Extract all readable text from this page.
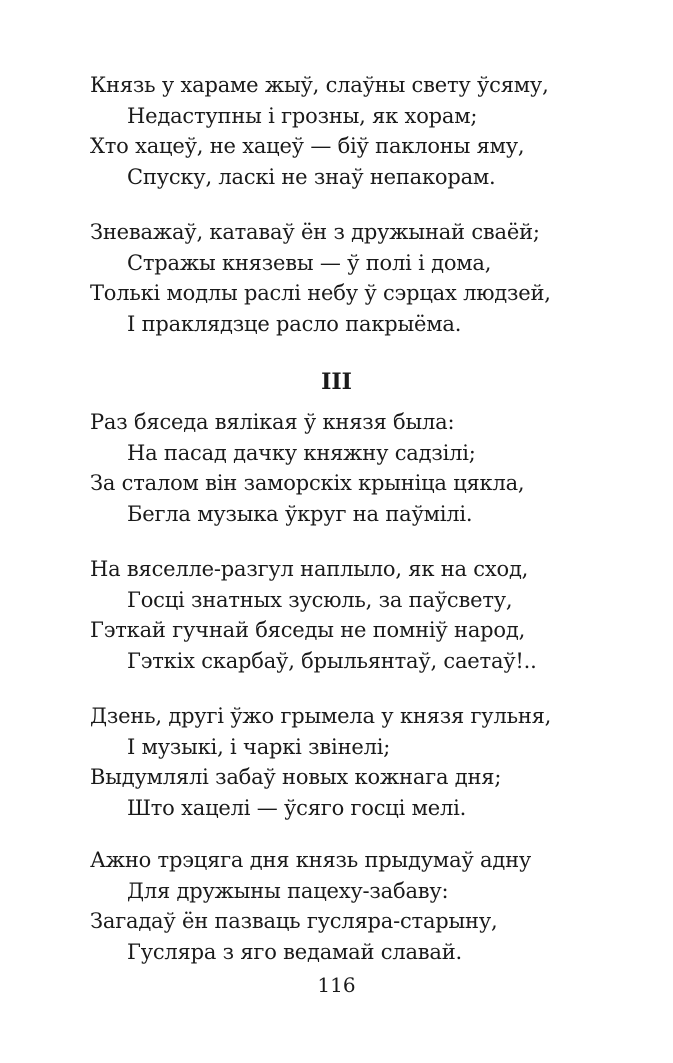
Князь у хараме жыў, слаўны свету ўсяму,
Недаступны і грозны, як хорам;
Хто хацеў, не хацеў — біў паклоны яму,
Спуску, ласкі не знаў непакорам.
Зневажаў, катаваў ён з дружынай сваёй;
Стражы князевы — ў полі і дома,
Толькі модлы раслі небу ў сэрцах людзей,
І праклядзце расло пакрыёма.
III
Раз бяседа вялікая ў князя была:
На пасад дачку княжну садзілі;
За сталом він заморскіх крыніца цякла,
Бегла музыка ўкруг на паўмілі.
На вяселле-разгул наплыло, як на сход,
Госці знатных зусюль, за паўсвету,
Гэткай гучнай бяседы не помніў народ,
Гэткіх скарбаў, брыльянтаў, саетаў!..
Дзень, другі ўжо грымела у князя гульня,
І музыкі, і чаркі звінелі;
Выдумлялі забаў новых кожнага дня;
Што хацелі — ўсяго госці мелі.
Ажно трэцяга дня князь прыдумаў адну
Для дружыны пацеху-забаву:
Загадаў ён пазваць гусляра-старыну,
Гусляра з яго ведамай славай.
116
